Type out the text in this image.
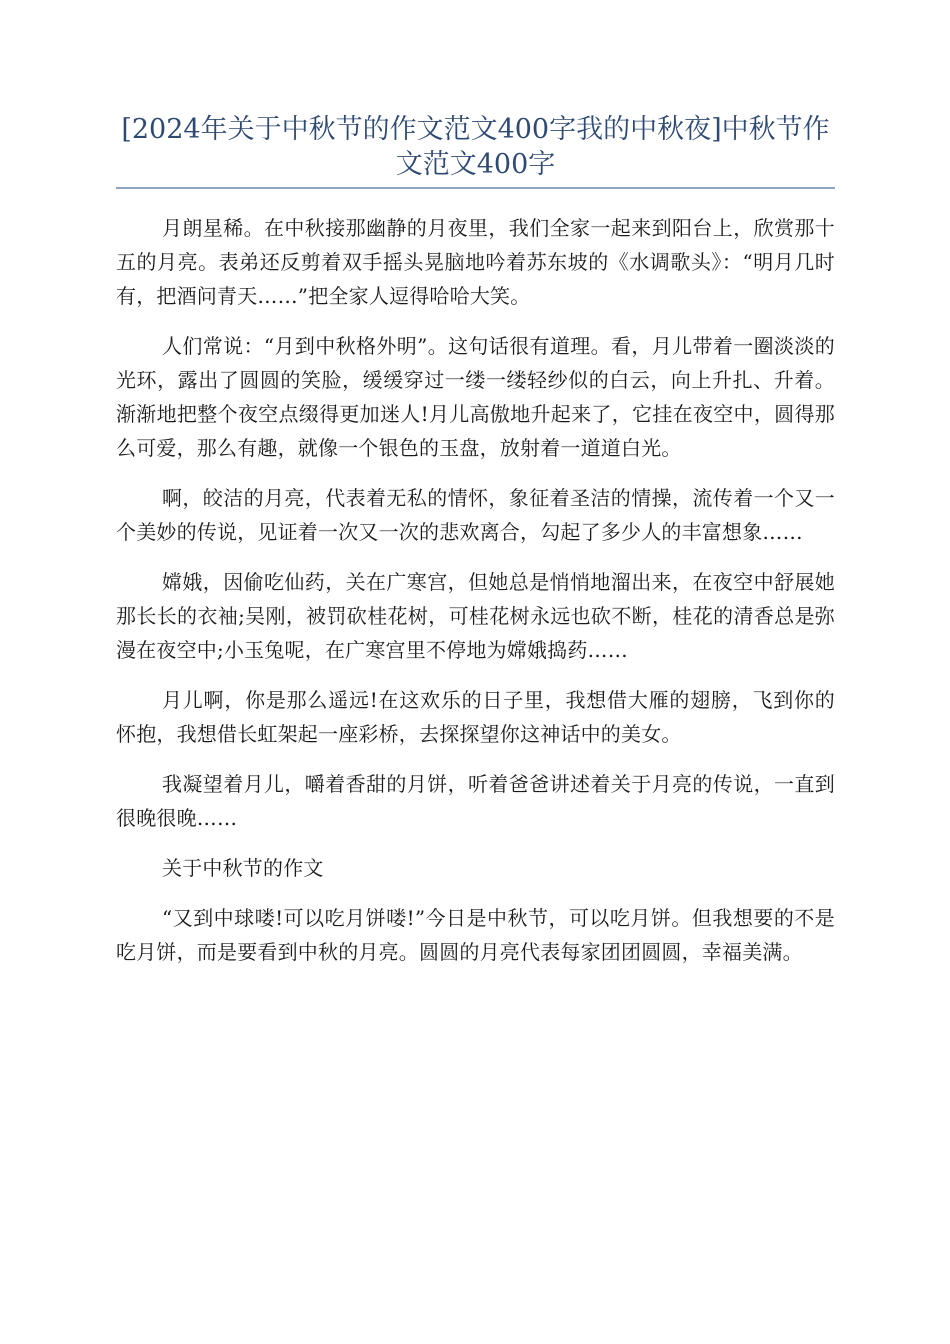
[2024年关于中秋节的作文范文400字我的中秋夜]中秋节作文范文400字

月朗星稀。在中秋接那幽静的月夜里，我们全家一起来到阳台上，欣赏那十五的月亮。表弟还反剪着双手摇头晃脑地吟着苏东坡的《水调歌头》：“明月几时有，把酒问青天……”把全家人逗得哈哈大笑。

人们常说：“月到中秋格外明”。这句话很有道理。看，月儿带着一圈淡淡的光环，露出了圆圆的笑脸，缓缓穿过一缕一缕轻纱似的白云，向上升扎、升着。渐渐地把整个夜空点缀得更加迷人!月儿高傲地升起来了，它挂在夜空中，圆得那么可爱，那么有趣，就像一个银色的玉盘，放射着一道道白光。

啊，皎洁的月亮，代表着无私的情怀，象征着圣洁的情操，流传着一个又一个美妙的传说，见证着一次又一次的悲欢离合，勾起了多少人的丰富想象……

嫦娥，因偷吃仙药，关在广寒宫，但她总是悄悄地溜出来，在夜空中舒展她那长长的衣袖;吴刚，被罚砍桂花树，可桂花树永远也砍不断，桂花的清香总是弥漫在夜空中;小玉兔呢，在广寒宫里不停地为嫦娥捣药……

月儿啊，你是那么遥远!在这欢乐的日子里，我想借大雁的翅膀，飞到你的怀抱，我想借长虹架起一座彩桥，去探探望你这神话中的美女。

我凝望着月儿，嚼着香甜的月饼，听着爸爸讲述着关于月亮的传说，一直到很晚很晚……

关于中秋节的作文

“又到中球喽!可以吃月饼喽!”今日是中秋节，可以吃月饼。但我想要的不是吃月饼，而是要看到中秋的月亮。圆圆的月亮代表每家团团圆圆，幸福美满。
